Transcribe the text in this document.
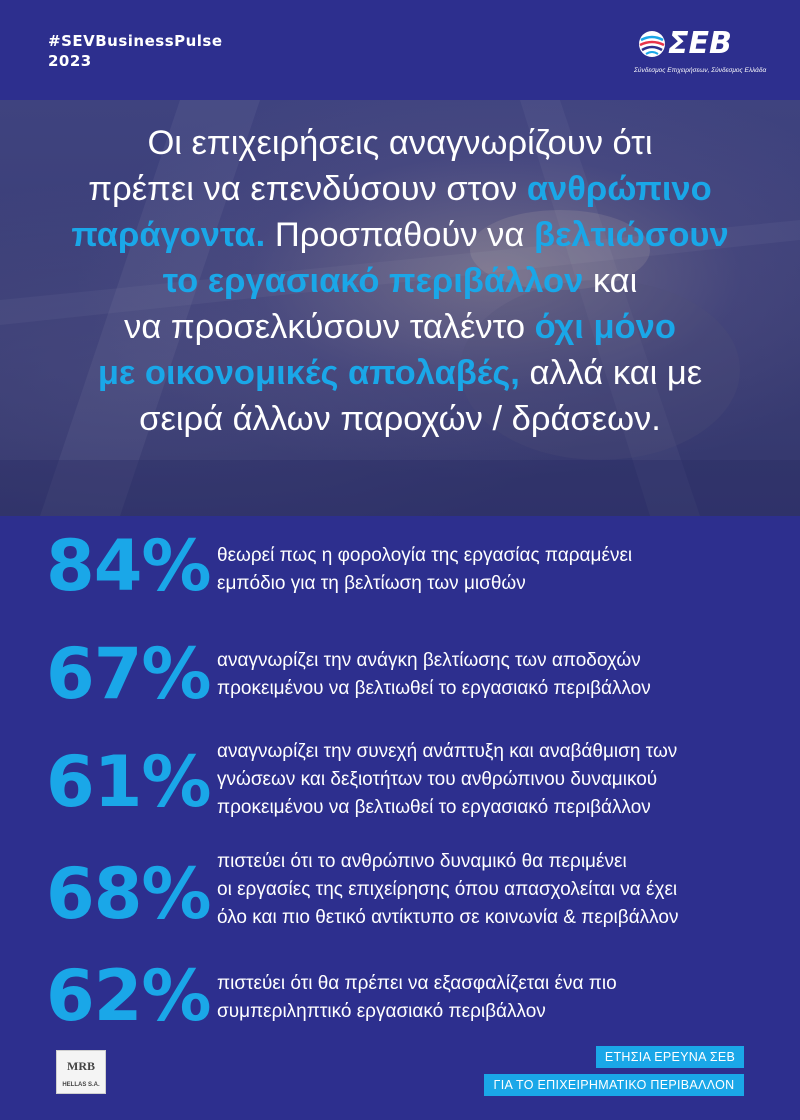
#SEVBusinessPulse
2023	ΣΕΒ
Σύνδεσμος Επιχειρήσεων, Σύνδεσμος Ελλάδα
Οι επιχειρήσεις αναγνωρίζουν ότι
πρέπει να επενδύσουν στον ανθρώπινο
παράγοντα. Προσπαθούν να βελτιώσουν
το εργασιακό περιβάλλον και
να προσελκύσουν ταλέντο όχι μόνο
με οικονομικές απολαβές, αλλά και με
σειρά άλλων παροχών / δράσεων.
84% θεωρεί πως η φορολογία της εργασίας παραμένει
εμπόδιο για τη βελτίωση των μισθών
67% αναγνωρίζει την ανάγκη βελτίωσης των αποδοχών
προκειμένου να βελτιωθεί το εργασιακό περιβάλλον
61% αναγνωρίζει την συνεχή ανάπτυξη και αναβάθμιση των
γνώσεων και δεξιοτήτων του ανθρώπινου δυναμικού
προκειμένου να βελτιωθεί το εργασιακό περιβάλλον
68% πιστεύει ότι το ανθρώπινο δυναμικό θα περιμένει
οι εργασίες της επιχείρησης όπου απασχολείται να έχει
όλο και πιο θετικό αντίκτυπο σε κοινωνία & περιβάλλον
62% πιστεύει ότι θα πρέπει να εξασφαλίζεται ένα πιο
συμπεριληπτικό εργασιακό περιβάλλον
MRB
HELLAS S.A.
ΕΤΗΣΙΑ ΕΡΕΥΝΑ ΣΕΒ
ΓΙΑ ΤΟ ΕΠΙΧΕΙΡΗΜΑΤΙΚΟ ΠΕΡΙΒΑΛΛΟΝ
